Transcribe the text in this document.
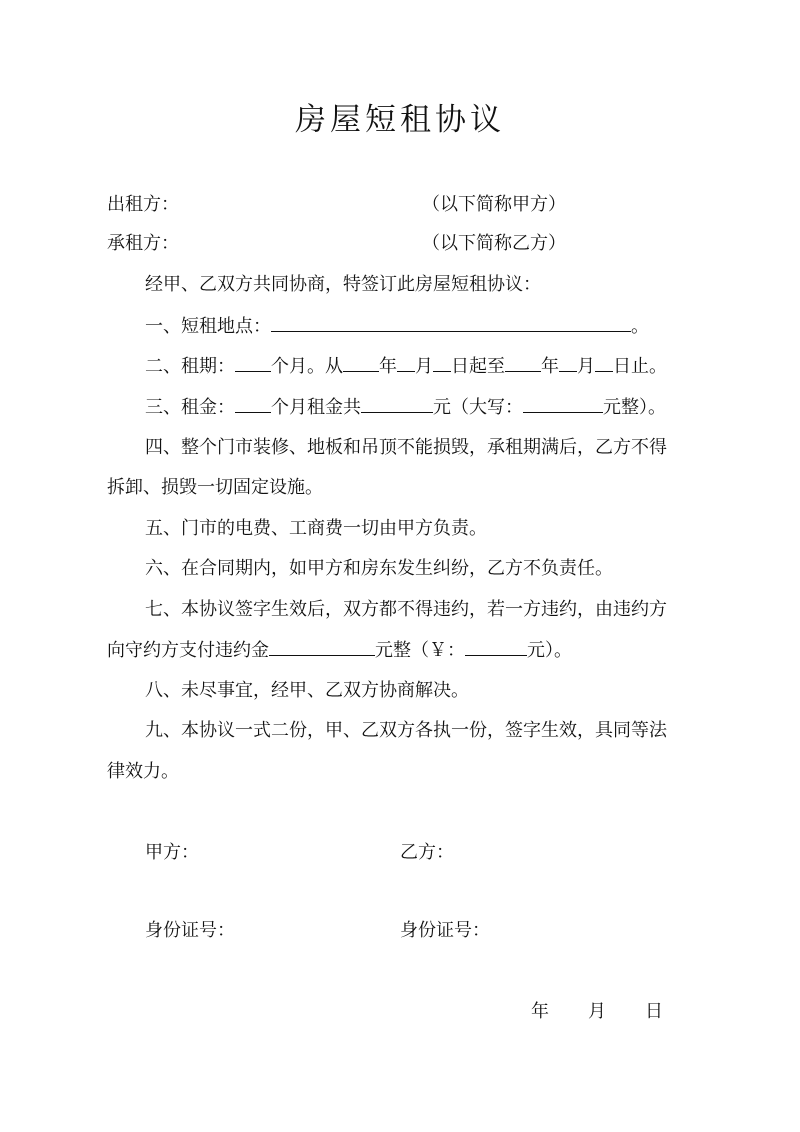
房屋短租协议
出租方：	（以下简称甲方）
承租方：	（以下简称乙方）
经甲、乙双方共同协商，特签订此房屋短租协议：
一、短租地点：	。
二、租期： 个月。从 年 月 日起至 年 月 日止。
三、租金： 个月租金共	元（大写：	元整）。
四、整个门市装修、地板和吊顶不能损毁，承租期满后，乙方不得
拆卸、损毁一切固定设施。
五、门市的电费、工商费一切由甲方负责。
六、在合同期内，如甲方和房东发生纠纷，乙方不负责任。
七、本协议签字生效后，双方都不得违约，若一方违约，由违约方
向守约方支付违约金	元整（￥：	元）。
八、未尽事宜，经甲、乙双方协商解决。
九、本协议一式二份，甲、乙双方各执一份，签字生效，具同等法
律效力。
甲方：	乙方：
身份证号：	身份证号：
年 月 日
